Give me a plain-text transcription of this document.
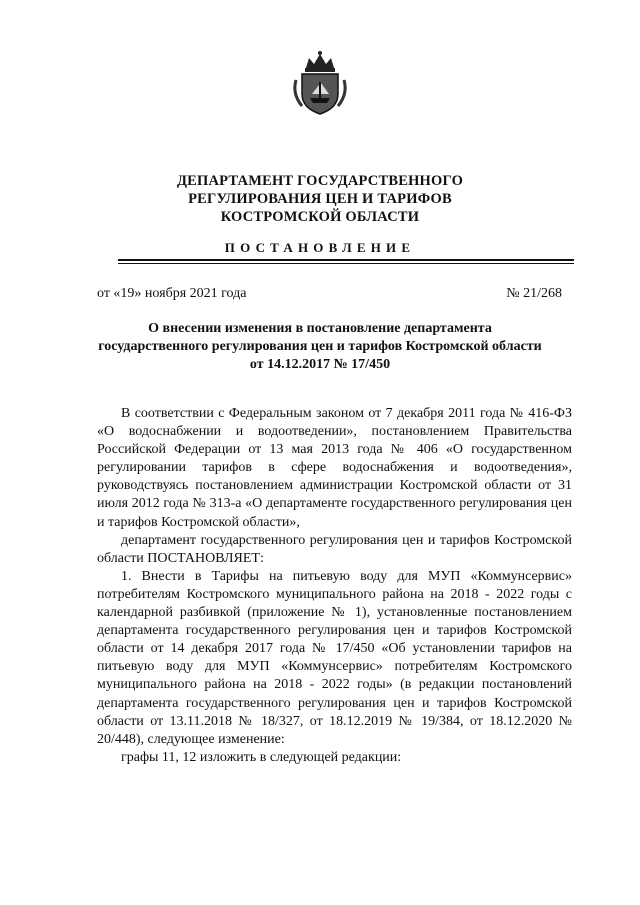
ДЕПАРТАМЕНТ ГОСУДАРСТВЕННОГО
РЕГУЛИРОВАНИЯ ЦЕН И ТАРИФОВ
КОСТРОМСКОЙ ОБЛАСТИ
ПОСТАНОВЛЕНИЕ
от «19» ноября 2021 года	№ 21/268
О внесении изменения в постановление департамента
государственного регулирования цен и тарифов Костромской области
от 14.12.2017 № 17/450

В соответствии с Федеральным законом от 7 декабря 2011 года № 416-ФЗ «О водоснабжении и водоотведении», постановлением Правительства Российской Федерации от 13 мая 2013 года № 406 «О государственном регулировании тарифов в сфере водоснабжения и водоотведения», руководствуясь постановлением администрации Костромской области от 31 июля 2012 года № 313-а «О департаменте государственного регулирования цен и тарифов Костромской области»,

департамент государственного регулирования цен и тарифов Костромской области ПОСТАНОВЛЯЕТ:

1. Внести в Тарифы на питьевую воду для МУП «Коммунсервис» потребителям Костромского муниципального района на 2018 - 2022 годы с календарной разбивкой (приложение № 1), установленные постановлением департамента государственного регулирования цен и тарифов Костромской области от 14 декабря 2017 года № 17/450 «Об установлении тарифов на питьевую воду для МУП «Коммунсервис» потребителям Костромского муниципального района на 2018 - 2022 годы» (в редакции постановлений департамента государственного регулирования цен и тарифов Костромской области от 13.11.2018 № 18/327, от 18.12.2019 № 19/384, от 18.12.2020 № 20/448), следующее изменение:

графы 11, 12 изложить в следующей редакции:
